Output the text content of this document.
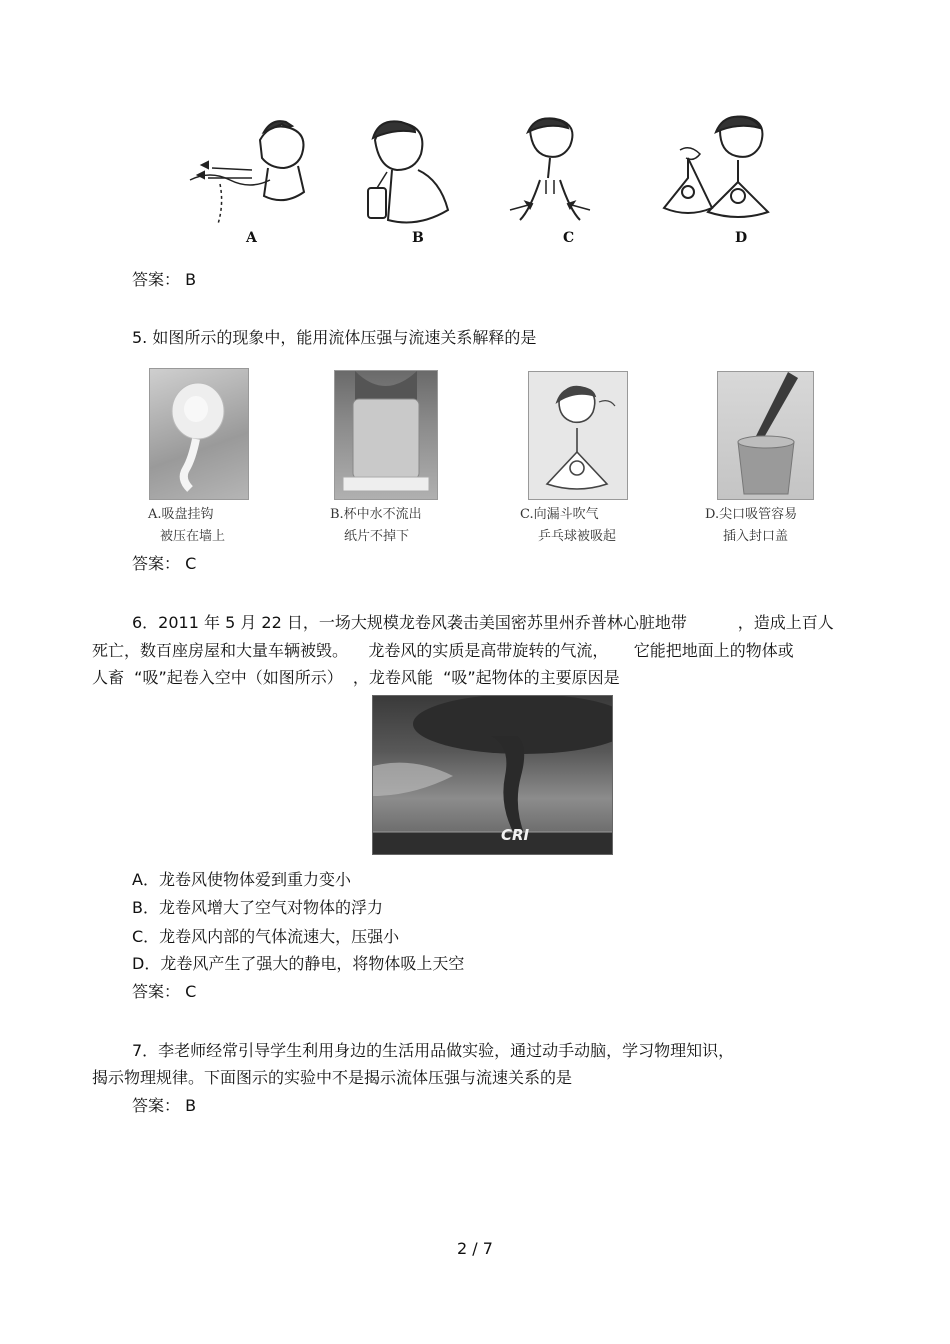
A	B	C	D
答案： B
5. 如图所示的现象中，能用流体压强与流速关系解释的是
A.吸盘挂钩
被压在墙上
B.杯中水不流出
纸片不掉下
C.向漏斗吹气
乒乓球被吸起
D.尖口吸管容易
插入封口盖
答案： C
6．2011 年 5 月 22 日，一场大规模龙卷风袭击美国密苏里州乔普林心脏地带          ，造成上百人
死亡，数百座房屋和大量车辆被毁。    龙卷风的实质是高带旋转的气流，     它能把地面上的物体或
人畜  “吸”起卷入空中（如图所示）  ，龙卷风能  “吸”起物体的主要原因是
CRI
A．龙卷风使物体爱到重力变小
B．龙卷风增大了空气对物体的浮力
C．龙卷风内部的气体流速大，压强小
D．龙卷风产生了强大的静电，将物体吸上天空
答案： C
7．李老师经常引导学生利用身边的生活用品做实验，通过动手动脑，学习物理知识，
揭示物理规律。下面图示的实验中不是揭示流体压强与流速关系的是
答案： B
2 / 7
